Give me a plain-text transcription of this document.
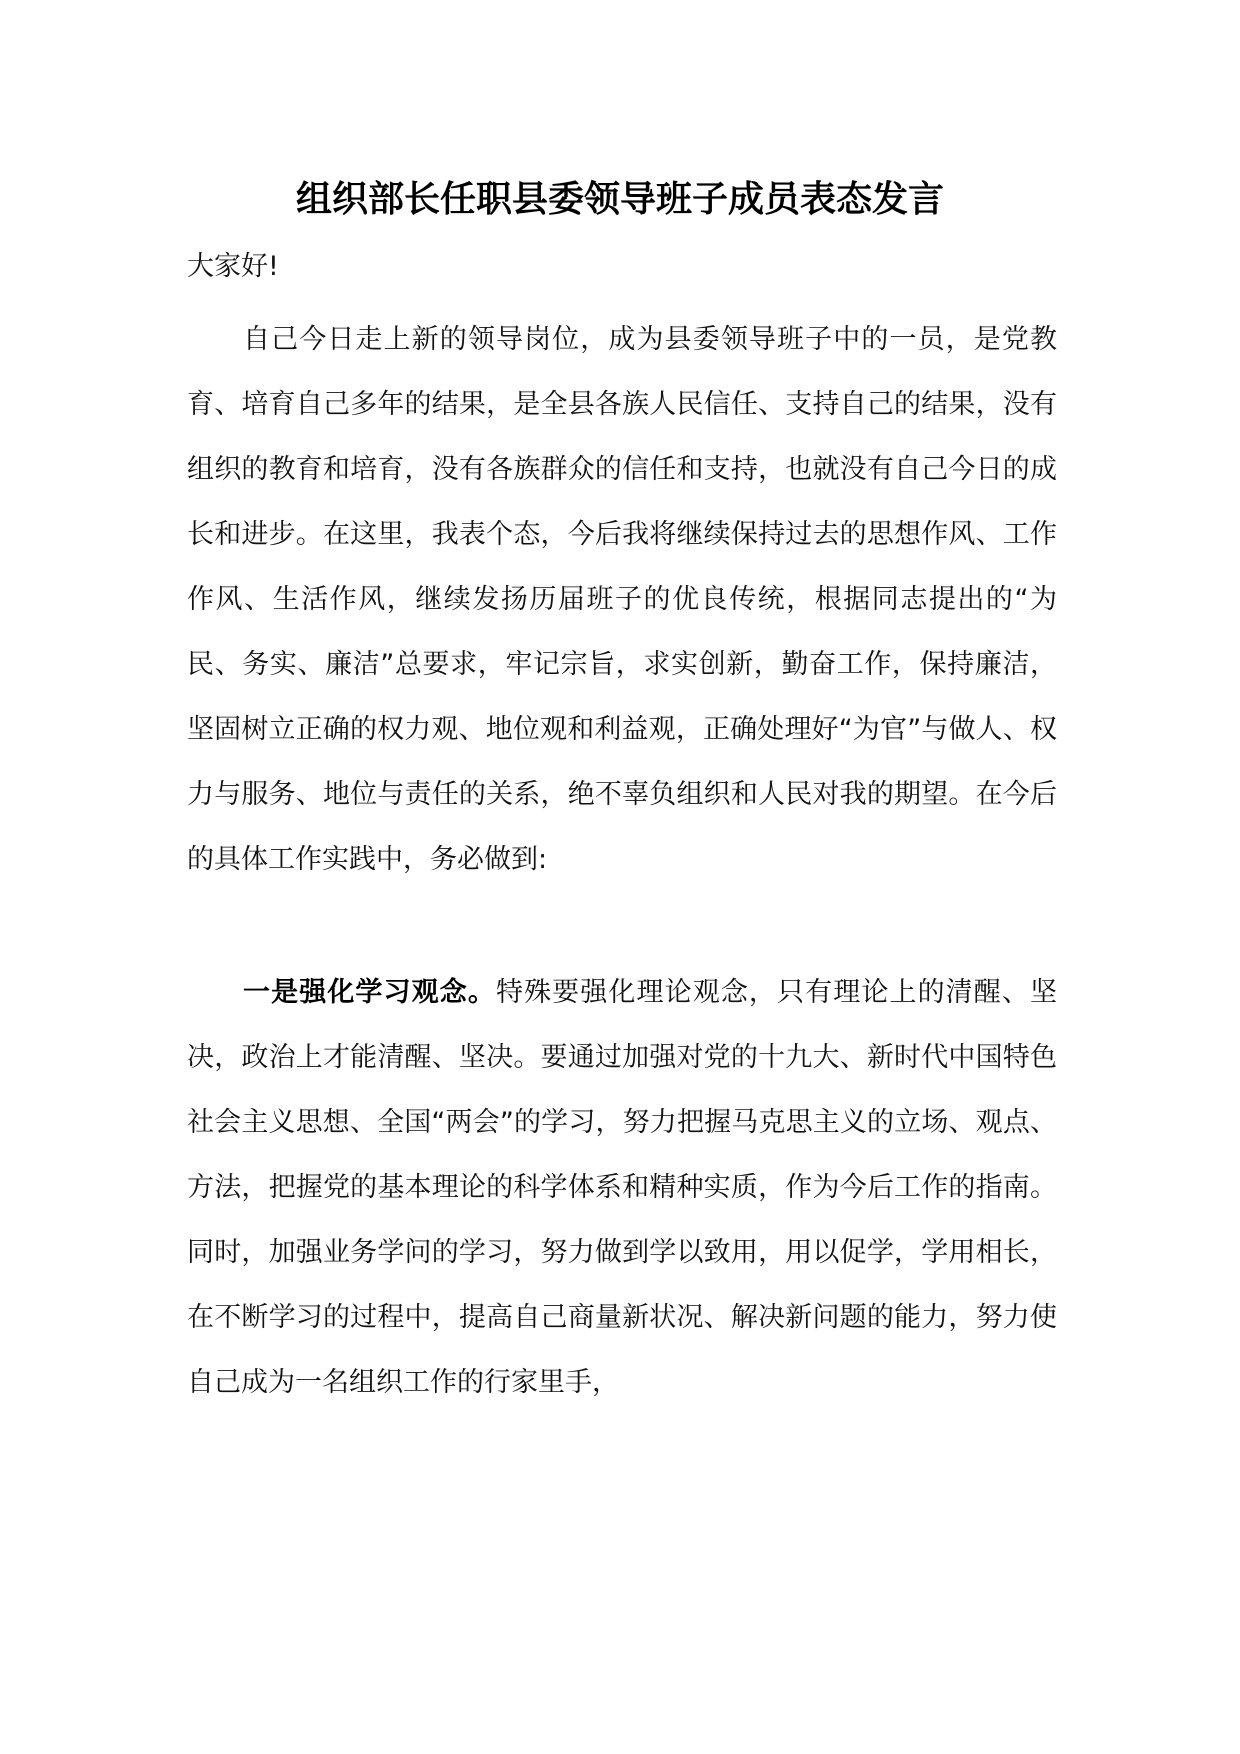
组织部长任职县委领导班子成员表态发言
大家好!

自己今日走上新的领导岗位，成为县委领导班子中的一员，是党教育、培育自己多年的结果，是全县各族人民信任、支持自己的结果，没有组织的教育和培育，没有各族群众的信任和支持，也就没有自己今日的成长和进步。在这里，我表个态，今后我将继续保持过去的思想作风、工作作风、生活作风，继续发扬历届班子的优良传统，根据同志提出的“为民、务实、廉洁”总要求，牢记宗旨，求实创新，勤奋工作，保持廉洁，坚固树立正确的权力观、地位观和利益观，正确处理好“为官”与做人、权力与服务、地位与责任的关系，绝不辜负组织和人民对我的期望。在今后的具体工作实践中，务必做到:

一是强化学习观念。特殊要强化理论观念，只有理论上的清醒、坚决，政治上才能清醒、坚决。要通过加强对党的十九大、新时代中国特色社会主义思想、全国“两会”的学习，努力把握马克思主义的立场、观点、方法，把握党的基本理论的科学体系和精种实质，作为今后工作的指南。同时，加强业务学问的学习，努力做到学以致用，用以促学，学用相长，在不断学习的过程中，提高自己商量新状况、解决新问题的能力，努力使自己成为一名组织工作的行家里手，
